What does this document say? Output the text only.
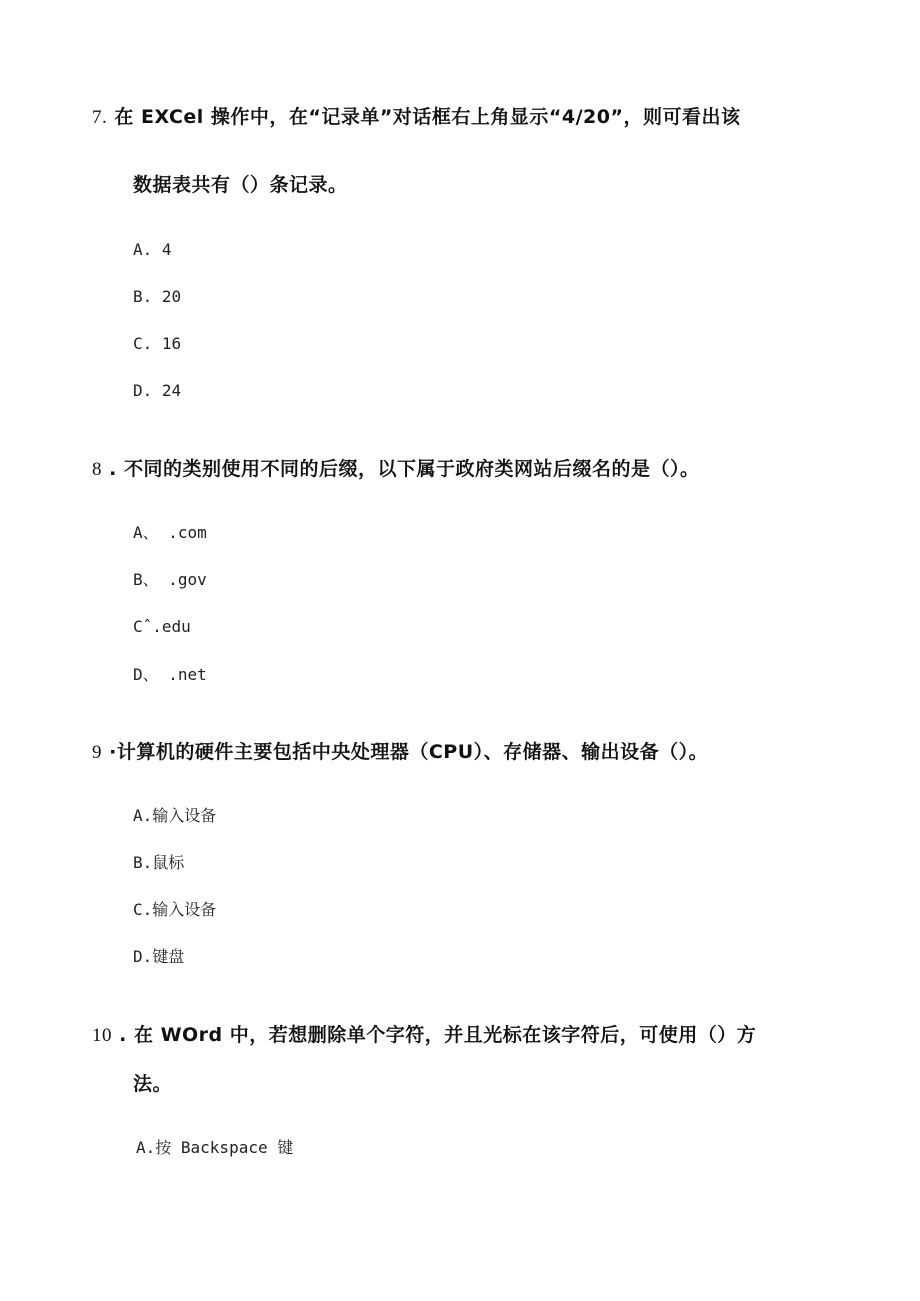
7. 在 EXCel 操作中，在“记录单”对话框右上角显示“4/20”，则可看出该
数据表共有（）条记录。
A. 4
B. 20
C. 16
D. 24
8 . 不同的类别使用不同的后缀，以下属于政府类网站后缀名的是（）。
A、 .com
B、 .gov
Cˆ.edu
D、 .net
9 ·计算机的硬件主要包括中央处理器（CPU）、存储器、输出设备（）。
A.输入设备
B.鼠标
C.输入设备
D.键盘
10 . 在 WOrd 中，若想删除单个字符，并且光标在该字符后，可使用（）方
法。
A.按 Backspace 键
